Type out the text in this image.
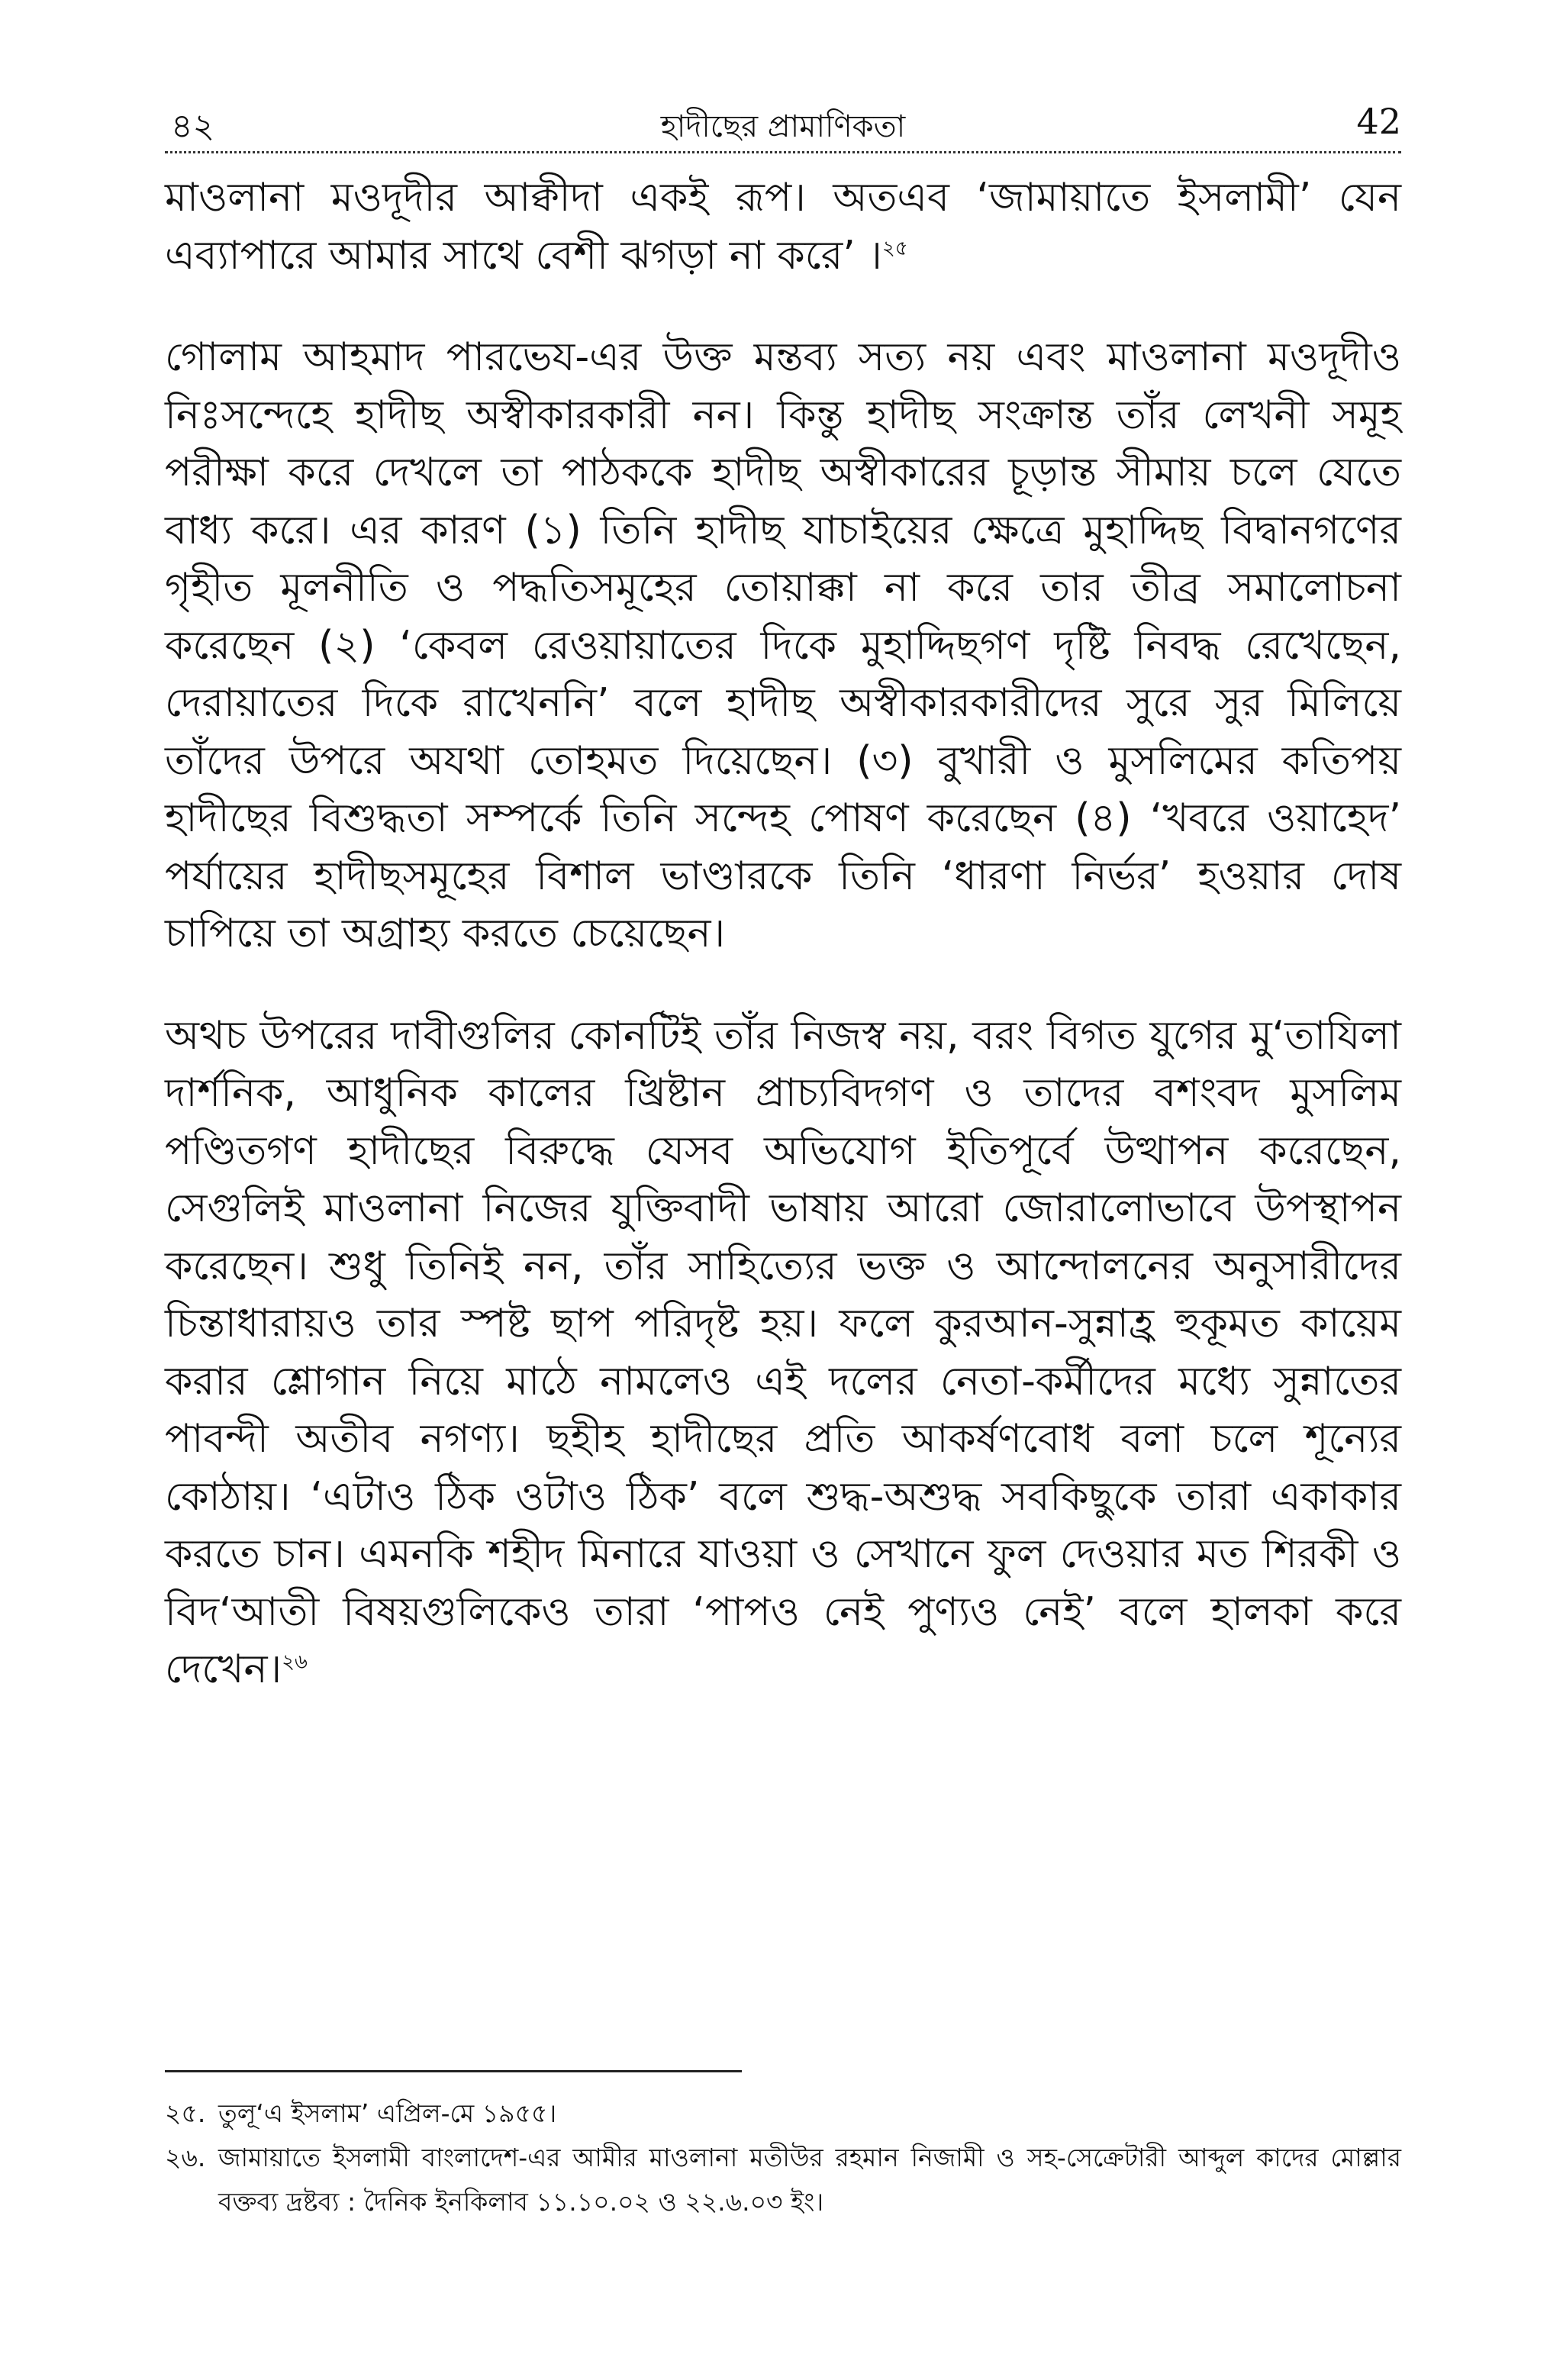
৪২	হাদীছের প্রামাণিকতা	42

মাওলানা মওদূদীর আক্বীদা একই রূপ। অতএব ‘জামায়াতে ইসলামী’ যেন এব্যাপারে আমার সাথে বেশী ঝগড়া না করে’ ।$^{২৫}$

গোলাম আহমাদ পারভেয-এর উক্ত মন্তব্য সত্য নয় এবং মাওলানা মওদূদীও নিঃসন্দেহে হাদীছ অস্বীকারকারী নন। কিন্তু হাদীছ সংক্রান্ত তাঁর লেখনী সমূহ পরীক্ষা করে দেখলে তা পাঠককে হাদীছ অস্বীকারের চূড়ান্ত সীমায় চলে যেতে বাধ্য করে। এর কারণ (১) তিনি হাদীছ যাচাইয়ের ক্ষেত্রে মুহাদ্দিছ বিদ্বানগণের গৃহীত মূলনীতি ও পদ্ধতিসমূহের তোয়াক্কা না করে তার তীব্র সমালোচনা করেছেন (২) ‘কেবল রেওয়ায়াতের দিকে মুহাদ্দিছগণ দৃষ্টি নিবদ্ধ রেখেছেন, দেরায়াতের দিকে রাখেননি’ বলে হাদীছ অস্বীকারকারীদের সুরে সুর মিলিয়ে তাঁদের উপরে অযথা তোহমত দিয়েছেন। (৩) বুখারী ও মুসলিমের কতিপয় হাদীছের বিশুদ্ধতা সম্পর্কে তিনি সন্দেহ পোষণ করেছেন (৪) ‘খবরে ওয়াহেদ’ পর্যায়ের হাদীছসমূহের বিশাল ভাণ্ডারকে তিনি ‘ধারণা নির্ভর’ হওয়ার দোষ চাপিয়ে তা অগ্রাহ্য করতে চেয়েছেন।

অথচ উপরের দাবীগুলির কোনটিই তাঁর নিজস্ব নয়, বরং বিগত যুগের মু‘তাযিলা দার্শনিক, আধুনিক কালের খ্রিষ্টান প্রাচ্যবিদগণ ও তাদের বশংবদ মুসলিম পণ্ডিতগণ হাদীছের বিরুদ্ধে যেসব অভিযোগ ইতিপূর্বে উত্থাপন করেছেন, সেগুলিই মাওলানা নিজের যুক্তিবাদী ভাষায় আরো জোরালোভাবে উপস্থাপন করেছেন। শুধু তিনিই নন, তাঁর সাহিত্যের ভক্ত ও আন্দোলনের অনুসারীদের চিন্তাধারায়ও তার স্পষ্ট ছাপ পরিদৃষ্ট হয়। ফলে কুরআন-সুন্নাহ্র হুকূমত কায়েম করার শ্লোগান নিয়ে মাঠে নামলেও এই দলের নেতা-কর্মীদের মধ্যে সুন্নাতের পাবন্দী অতীব নগণ্য। ছহীহ হাদীছের প্রতি আকর্ষণবোধ বলা চলে শূন্যের কোঠায়। ‘এটাও ঠিক ওটাও ঠিক’ বলে শুদ্ধ-অশুদ্ধ সবকিছুকে তারা একাকার করতে চান। এমনকি শহীদ মিনারে যাওয়া ও সেখানে ফুল দেওয়ার মত শিরকী ও বিদ‘আতী বিষয়গুলিকেও তারা ‘পাপও নেই পুণ্যও নেই’ বলে হালকা করে দেখেন।$^{২৬}$

২৫. তুলূ‘এ ইসলাম’ এপ্রিল-মে ১৯৫৫।
২৬. জামায়াতে ইসলামী বাংলাদেশ-এর আমীর মাওলানা মতীউর রহমান নিজামী ও সহ-সেক্রেটারী আব্দুল কাদের মোল্লার বক্তব্য দ্রষ্টব্য : দৈনিক ইনকিলাব ১১.১০.০২ ও ২২.৬.০৩ ইং।
